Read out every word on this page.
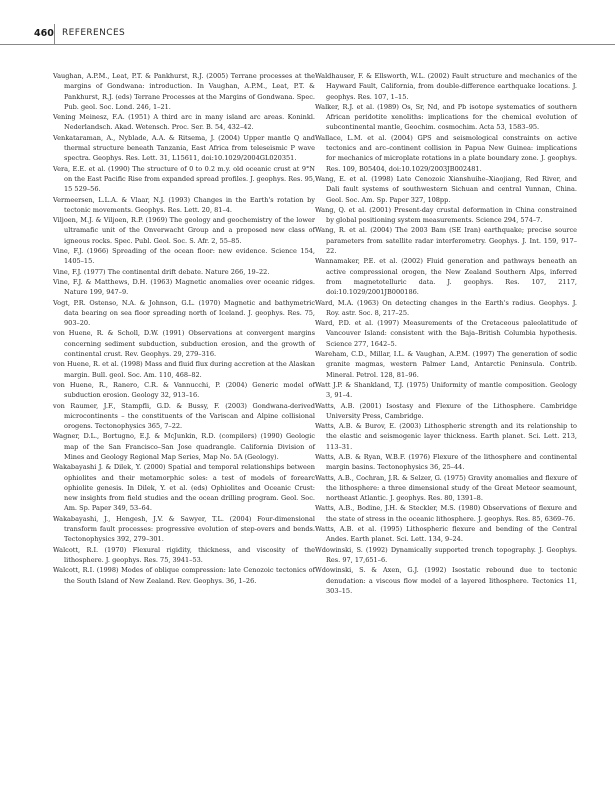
460 REFERENCES

Vaughan, A.P.M., Leat, P.T. & Pankhurst, R.J. (2005) Terrane processes at the margins of Gondwana: introduction. In Vaughan, A.P.M., Leat, P.T. & Pankhurst, R.J. (eds) Terrane Processes at the Margins of Gondwana. Spec. Pub. geol. Soc. Lond. 246, 1–21.

Vening Meinesz, F.A. (1951) A third arc in many island arc areas. Koninkl. Nederlandsch. Akad. Wetensch. Proc. Ser. B. 54, 432–42.

Venkataraman, A., Nyblade, A.A. & Ritsema, J. (2004) Upper mantle Q and thermal structure beneath Tanzania, East Africa from teleseismic P wave spectra. Geophys. Res. Lett. 31, L15611, doi:10.1029/2004GL020351.

Vera, E.E. et al. (1990) The structure of 0 to 0.2 m.y. old oceanic crust at 9°N on the East Pacific Rise from expanded spread profiles. J. geophys. Res. 95, 15 529–56.

Vermeersen, L.L.A. & Vlaar, N.J. (1993) Changes in the Earth's rotation by tectonic movements. Geophys. Res. Lett. 20, 81–4.

Viljoen, M.J. & Viljoen, R.P. (1969) The geology and geochemistry of the lower ultramafic unit of the Onverwacht Group and a proposed new class of igneous rocks. Spec. Publ. Geol. Soc. S. Afr. 2, 55–85.

Vine, F.J. (1966) Spreading of the ocean floor: new evidence. Science 154, 1405–15.

Vine, F.J. (1977) The continental drift debate. Nature 266, 19–22.

Vine, F.J. & Matthews, D.H. (1963) Magnetic anomalies over oceanic ridges. Nature 199, 947–9.

Vogt, P.R. Ostenso, N.A. & Johnson, G.L. (1970) Magnetic and bathymetric data bearing on sea floor spreading north of Iceland. J. geophys. Res. 75, 903–20.

von Huene, R. & Scholl, D.W. (1991) Observations at convergent margins concerning sediment subduction, subduction erosion, and the growth of continental crust. Rev. Geophys. 29, 279–316.

von Huene, R. et al. (1998) Mass and fluid flux during accretion at the Alaskan margin. Bull. geol. Soc. Am. 110, 468–82.

von Huene, R., Ranero, C.R. & Vannucchi, P. (2004) Generic model of subduction erosion. Geology 32, 913–16.

von Raumer, J.F., Stampfli, G.D. & Bussy, F. (2003) Gondwana-derived microcontinents – the constituents of the Variscan and Alpine collisional orogens. Tectonophysics 365, 7–22.

Wagner, D.L., Bortugno, E.J. & McJunkin, R.D. (compilers) (1990) Geologic map of the San Francisco–San Jose quadrangle. California Division of Mines and Geology Regional Map Series, Map No. 5A (Geology).

Wakabayashi J. & Dilek, Y. (2000) Spatial and temporal relationships between ophiolites and their metamorphic soles: a test of models of forearc ophiolite genesis. In Dilek, Y. et al. (eds) Ophiolites and Oceanic Crust: new insights from field studies and the ocean drilling program. Geol. Soc. Am. Sp. Paper 349, 53–64.

Wakabayashi, J., Hengesh, J.V. & Sawyer, T.L. (2004) Four-dimensional transform fault processes: progressive evolution of step-overs and bends. Tectonophysics 392, 279–301.

Walcott, R.I. (1970) Flexural rigidity, thickness, and viscosity of the lithosphere. J. geophys. Res. 75, 3941–53.

Walcott, R.I. (1998) Modes of oblique compression: late Cenozoic tectonics of the South Island of New Zealand. Rev. Geophys. 36, 1–26.

Waldhauser, F. & Ellsworth, W.L. (2002) Fault structure and mechanics of the Hayward Fault, California, from double-difference earthquake locations. J. geophys. Res. 107, 1–15.

Walker, R.J. et al. (1989) Os, Sr, Nd, and Pb isotope systematics of southern African peridotite xenoliths: implications for the chemical evolution of subcontinental mantle, Geochim. cosmochim. Acta 53, 1583–95.

Wallace, L.M. et al. (2004) GPS and seismological constraints on active tectonics and arc–continent collision in Papua New Guinea: implications for mechanics of microplate rotations in a plate boundary zone. J. geophys. Res. 109, B05404, doi:10.1029/2003JB002481.

Wang, E. et al. (1998) Late Cenozoic Xianshuihe–Xiaojiang, Red River, and Dali fault systems of southwestern Sichuan and central Yunnan, China. Geol. Soc. Am. Sp. Paper 327, 108pp.

Wang, Q. et al. (2001) Present-day crustal deformation in China constrained by global positioning system measurements. Science 294, 574–7.

Wang, R. et al. (2004) The 2003 Bam (SE Iran) earthquake; precise source parameters from satellite radar interferometry. Geophys. J. Int. 159, 917–22.

Wannamaker, P.E. et al. (2002) Fluid generation and pathways beneath an active compressional orogen, the New Zealand Southern Alps, inferred from magnetotelluric data. J. geophys. Res. 107, 2117, doi:10.1029/2001JB000186.

Ward, M.A. (1963) On detecting changes in the Earth's radius. Geophys. J. Roy. astr. Soc. 8, 217–25.

Ward, P.D. et al. (1997) Measurements of the Cretaceous paleolatitude of Vancouver Island: consistent with the Baja–British Columbia hypothesis. Science 277, 1642–5.

Wareham, C.D., Millar, I.L. & Vaughan, A.P.M. (1997) The generation of sodic granite magmas, western Palmer Land, Antarctic Peninsula. Contrib. Mineral. Petrol. 128, 81–96.

Watt J.P. & Shankland, T.J. (1975) Uniformity of mantle composition. Geology 3, 91–4.

Watts, A.B. (2001) Isostasy and Flexure of the Lithosphere. Cambridge University Press, Cambridge.

Watts, A.B. & Burov, E. (2003) Lithospheric strength and its relationship to the elastic and seismogenic layer thickness. Earth planet. Sci. Lett. 213, 113–31.

Watts, A.B. & Ryan, W.B.F. (1976) Flexure of the lithosphere and continental margin basins. Tectonophysics 36, 25–44.

Watts, A.B., Cochran, J.R. & Selzer, G. (1975) Gravity anomalies and flexure of the lithosphere: a three dimensional study of the Great Meteor seamount, northeast Atlantic. J. geophys. Res. 80, 1391–8.

Watts, A.B., Bodine, J.H. & Steckler, M.S. (1980) Observations of flexure and the state of stress in the oceanic lithosphere. J. geophys. Res. 85, 6369–76.

Watts, A.B. et al. (1995) Lithospheric flexure and bending of the Central Andes. Earth planet. Sci. Lett. 134, 9–24.

Wdowinski, S. (1992) Dynamically supported trench topography. J. Geophys. Res. 97, 17,651–6.

Wdowinski, S. & Axen, G.J. (1992) Isostatic rebound due to tectonic denudation: a viscous flow model of a layered lithosphere. Tectonics 11, 303–15.
